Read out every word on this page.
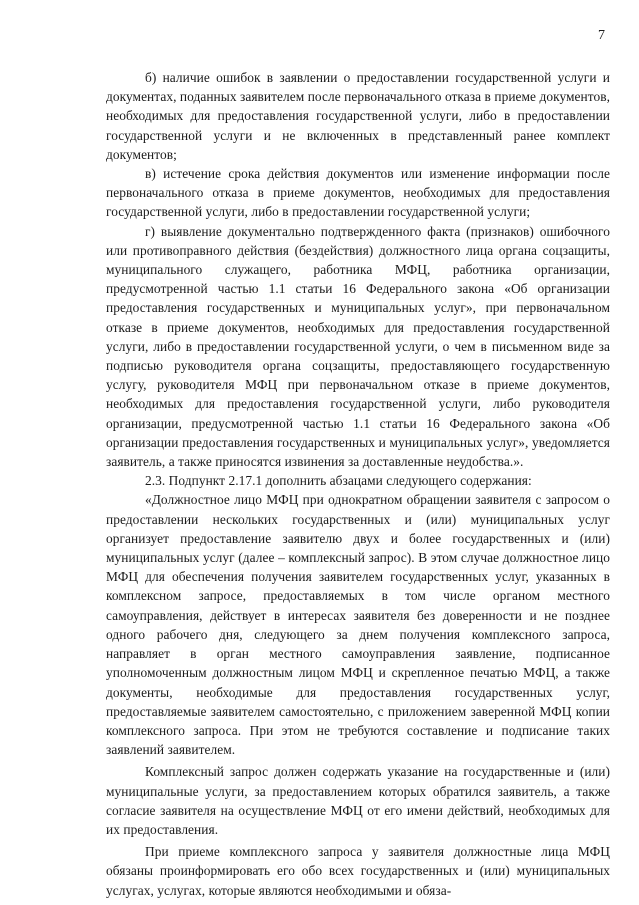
7

б) наличие ошибок в заявлении о предоставлении государственной услуги и документах, поданных заявителем после первоначального отказа в приеме документов, необходимых для предоставления государственной услуги, либо в предоставлении государственной услуги и не включенных в представленный ранее комплект документов;

в) истечение срока действия документов или изменение информации после первоначального отказа в приеме документов, необходимых для предоставления государственной услуги, либо в предоставлении государственной услуги;

г) выявление документально подтвержденного факта (признаков) ошибочного или противоправного действия (бездействия) должностного лица органа соцзащиты, муниципального служащего, работника МФЦ, работника организации, предусмотренной частью 1.1 статьи 16 Федерального закона «Об организации предоставления государственных и муниципальных услуг», при первоначальном отказе в приеме документов, необходимых для предоставления государственной услуги, либо в предоставлении государственной услуги, о чем в письменном виде за подписью руководителя органа соцзащиты, предоставляющего государственную услугу, руководителя МФЦ при первоначальном отказе в приеме документов, необходимых для предоставления государственной услуги, либо руководителя организации, предусмотренной частью 1.1 статьи 16 Федерального закона «Об организации предоставления государственных и муниципальных услуг», уведомляется заявитель, а также приносятся извинения за доставленные неудобства.».

2.3. Подпункт 2.17.1 дополнить абзацами следующего содержания:

«Должностное лицо МФЦ при однократном обращении заявителя с запросом о предоставлении нескольких государственных и (или) муниципальных услуг организует предоставление заявителю двух и более государственных и (или) муниципальных услуг (далее – комплексный запрос). В этом случае должностное лицо МФЦ для обеспечения получения заявителем государственных услуг, указанных в комплексном запросе, предоставляемых в том числе органом местного самоуправления, действует в интересах заявителя без доверенности и не позднее одного рабочего дня, следующего за днем получения комплексного запроса, направляет в орган местного самоуправления заявление, подписанное уполномоченным должностным лицом МФЦ и скрепленное печатью МФЦ, а также документы, необходимые для предоставления государственных услуг, предоставляемые заявителем самостоятельно, с приложением заверенной МФЦ копии комплексного запроса. При этом не требуются составление и подписание таких заявлений заявителем.

Комплексный запрос должен содержать указание на государственные и (или) муниципальные услуги, за предоставлением которых обратился заявитель, а также согласие заявителя на осуществление МФЦ от его имени действий, необходимых для их предоставления.

При приеме комплексного запроса у заявителя должностные лица МФЦ обязаны проинформировать его обо всех государственных и (или) муниципальных услугах, услугах, которые являются необходимыми и обяза-
